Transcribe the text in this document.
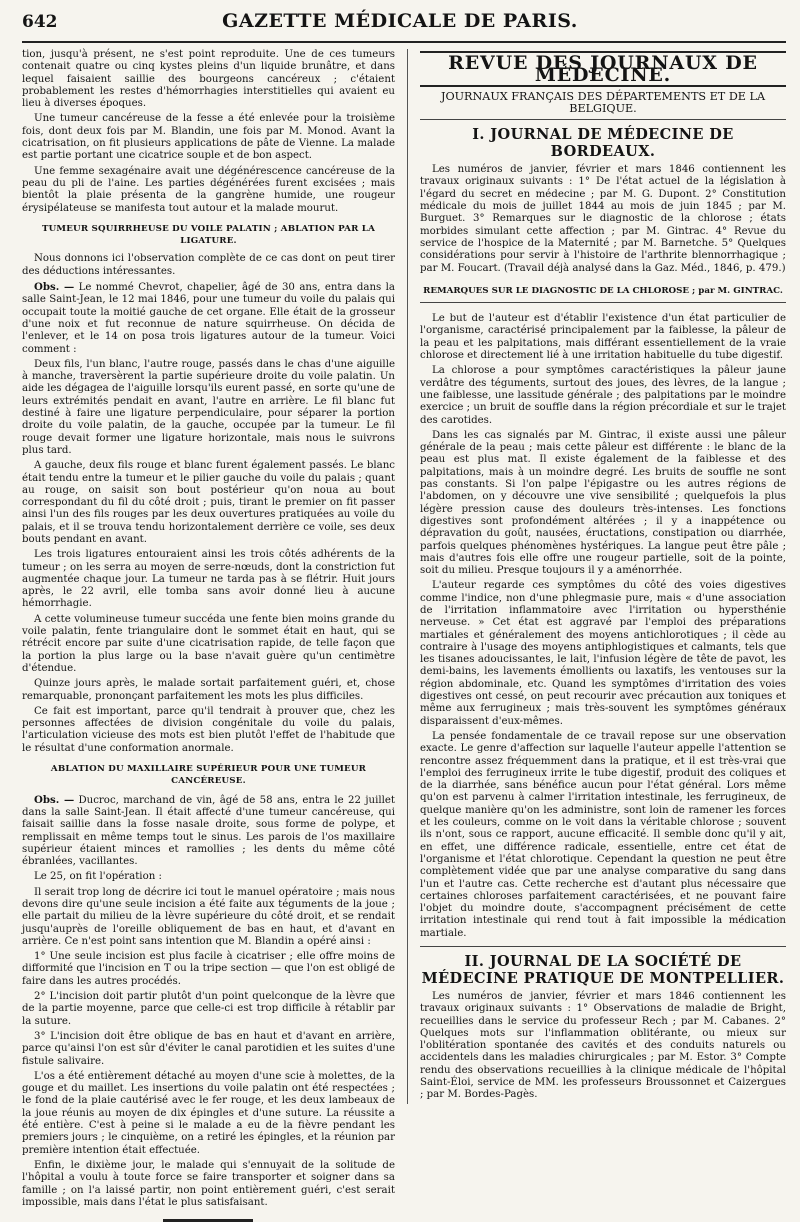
642	GAZETTE MÉDICALE DE PARIS.

tion, jusqu'à présent, ne s'est point reproduite. Une de ces tumeurs contenait quatre ou cinq kystes pleins d'un liquide brunâtre, et dans lequel faisaient saillie des bourgeons cancéreux ; c'étaient probablement les restes d'hémorrhagies interstitielles qui avaient eu lieu à diverses époques.

Une tumeur cancéreuse de la fesse a été enlevée pour la troisième fois, dont deux fois par M. Blandin, une fois par M. Monod. Avant la cicatrisation, on fit plusieurs applications de pâte de Vienne. La malade est partie portant une cicatrice souple et de bon aspect.

Une femme sexagénaire avait une dégénérescence cancéreuse de la peau du pli de l'aine. Les parties dégénérées furent excisées ; mais bientôt la plaie présenta de la gangrène humide, une rougeur érysipélateuse se manifesta tout autour et la malade mourut.

TUMEUR SQUIRRHEUSE DU VOILE PALATIN ; ABLATION PAR LA LIGATURE.

Nous donnons ici l'observation complète de ce cas dont on peut tirer des déductions intéressantes.

Obs. — Le nommé Chevrot, chapelier, âgé de 30 ans, entra dans la salle Saint-Jean, le 12 mai 1846, pour une tumeur du voile du palais qui occupait toute la moitié gauche de cet organe. Elle était de la grosseur d'une noix et fut reconnue de nature squirrheuse. On décida de l'enlever, et le 14 on posa trois ligatures autour de la tumeur. Voici comment :

Deux fils, l'un blanc, l'autre rouge, passés dans le chas d'une aiguille à manche, traversèrent la partie supérieure droite du voile palatin. Un aide les dégagea de l'aiguille lorsqu'ils eurent passé, en sorte qu'une de leurs extrémités pendait en avant, l'autre en arrière. Le fil blanc fut destiné à faire une ligature perpendiculaire, pour séparer la portion droite du voile palatin, de la gauche, occupée par la tumeur. Le fil rouge devait former une ligature horizontale, mais nous le suivrons plus tard.

A gauche, deux fils rouge et blanc furent également passés. Le blanc était tendu entre la tumeur et le pilier gauche du voile du palais ; quant au rouge, on saisit son bout postérieur qu'on noua au bout correspondant du fil du côté droit ; puis, tirant le premier on fit passer ainsi l'un des fils rouges par les deux ouvertures pratiquées au voile du palais, et il se trouva tendu horizontalement derrière ce voile, ses deux bouts pendant en avant.

Les trois ligatures entouraient ainsi les trois côtés adhérents de la tumeur ; on les serra au moyen de serre-nœuds, dont la constriction fut augmentée chaque jour. La tumeur ne tarda pas à se flétrir. Huit jours après, le 22 avril, elle tomba sans avoir donné lieu à aucune hémorrhagie.

A cette volumineuse tumeur succéda une fente bien moins grande du voile palatin, fente triangulaire dont le sommet était en haut, qui se rétrécit encore par suite d'une cicatrisation rapide, de telle façon que la portion la plus large ou la base n'avait guère qu'un centimètre d'étendue.

Quinze jours après, le malade sortait parfaitement guéri, et, chose remarquable, prononçant parfaitement les mots les plus difficiles.

Ce fait est important, parce qu'il tendrait à prouver que, chez les personnes affectées de division congénitale du voile du palais, l'articulation vicieuse des mots est bien plutôt l'effet de l'habitude que le résultat d'une conformation anormale.

ABLATION DU MAXILLAIRE SUPÉRIEUR POUR UNE TUMEUR CANCÉREUSE.

Obs. — Ducroc, marchand de vin, âgé de 58 ans, entra le 22 juillet dans la salle Saint-Jean. Il était affecté d'une tumeur cancéreuse, qui faisait saillie dans la fosse nasale droite, sous forme de polype, et remplissait en même temps tout le sinus. Les parois de l'os maxillaire supérieur étaient minces et ramollies ; les dents du même côté ébranlées, vacillantes.

Le 25, on fit l'opération :

Il serait trop long de décrire ici tout le manuel opératoire ; mais nous devons dire qu'une seule incision a été faite aux téguments de la joue ; elle partait du milieu de la lèvre supérieure du côté droit, et se rendait jusqu'auprès de l'oreille obliquement de bas en haut, et d'avant en arrière. Ce n'est point sans intention que M. Blandin a opéré ainsi :

1° Une seule incision est plus facile à cicatriser ; elle offre moins de difformité que l'incision en T ou la tripe section — que l'on est obligé de faire dans les autres procédés.

2° L'incision doit partir plutôt d'un point quelconque de la lèvre que de la partie moyenne, parce que celle-ci est trop difficile à rétablir par la suture.

3° L'incision doit être oblique de bas en haut et d'avant en arrière, parce qu'ainsi l'on est sûr d'éviter le canal parotidien et les suites d'une fistule salivaire.

L'os a été entièrement détaché au moyen d'une scie à molettes, de la gouge et du maillet. Les insertions du voile palatin ont été respectées ; le fond de la plaie cautérisé avec le fer rouge, et les deux lambeaux de la joue réunis au moyen de dix épingles et d'une suture. La réussite a été entière. C'est à peine si le malade a eu de la fièvre pendant les premiers jours ; le cinquième, on a retiré les épingles, et la réunion par première intention était effectuée.

Enfin, le dixième jour, le malade qui s'ennuyait de la solitude de l'hôpital a voulu à toute force se faire transporter et soigner dans sa famille ; on l'a laissé partir, non point entièrement guéri, c'est serait impossible, mais dans l'état le plus satisfaisant.

REVUE DES JOURNAUX DE MÉDECINE.
JOURNAUX FRANÇAIS DES DÉPARTEMENTS ET DE LA BELGIQUE.
I. JOURNAL DE MÉDECINE DE BORDEAUX.

Les numéros de janvier, février et mars 1846 contiennent les travaux originaux suivants : 1° De l'état actuel de la législation à l'égard du secret en médecine ; par M. G. Dupont. 2° Constitution médicale du mois de juillet 1844 au mois de juin 1845 ; par M. Burguet. 3° Remarques sur le diagnostic de la chlorose ; états morbides simulant cette affection ; par M. Gintrac. 4° Revue du service de l'hospice de la Maternité ; par M. Barnetche. 5° Quelques considérations pour servir à l'histoire de l'arthrite blennorrhagique ; par M. Foucart. (Travail déjà analysé dans la Gaz. Méd., 1846, p. 479.)

REMARQUES SUR LE DIAGNOSTIC DE LA CHLOROSE ; par M. GINTRAC.

Le but de l'auteur est d'établir l'existence d'un état particulier de l'organisme, caractérisé principalement par la faiblesse, la pâleur de la peau et les palpitations, mais différant essentiellement de la vraie chlorose et directement lié à une irritation habituelle du tube digestif.

La chlorose a pour symptômes caractéristiques la pâleur jaune verdâtre des téguments, surtout des joues, des lèvres, de la langue ; une faiblesse, une lassitude générale ; des palpitations par le moindre exercice ; un bruit de souffle dans la région précordiale et sur le trajet des carotides.

Dans les cas signalés par M. Gintrac, il existe aussi une pâleur générale de la peau ; mais cette pâleur est différente : le blanc de la peau est plus mat. Il existe également de la faiblesse et des palpitations, mais à un moindre degré. Les bruits de souffle ne sont pas constants. Si l'on palpe l'épigastre ou les autres régions de l'abdomen, on y découvre une vive sensibilité ; quelquefois la plus légère pression cause des douleurs très-intenses. Les fonctions digestives sont profondément altérées ; il y a inappétence ou dépravation du goût, nausées, éructations, constipation ou diarrhée, parfois quelques phénomènes hystériques. La langue peut être pâle ; mais d'autres fois elle offre une rougeur partielle, soit de la pointe, soit du milieu. Presque toujours il y a aménorrhée.

L'auteur regarde ces symptômes du côté des voies digestives comme l'indice, non d'une phlegmasie pure, mais « d'une association de l'irritation inflammatoire avec l'irritation ou hypersthénie nerveuse. » Cet état est aggravé par l'emploi des préparations martiales et généralement des moyens antichlorotiques ; il cède au contraire à l'usage des moyens antiphlogistiques et calmants, tels que les tisanes adoucissantes, le lait, l'infusion légère de tête de pavot, les demi-bains, les lavements émollients ou laxatifs, les ventouses sur la région abdominale, etc. Quand les symptômes d'irritation des voies digestives ont cessé, on peut recourir avec précaution aux toniques et même aux ferrugineux ; mais très-souvent les symptômes généraux disparaissent d'eux-mêmes.

La pensée fondamentale de ce travail repose sur une observation exacte. Le genre d'affection sur laquelle l'auteur appelle l'attention se rencontre assez fréquemment dans la pratique, et il est très-vrai que l'emploi des ferrugineux irrite le tube digestif, produit des coliques et de la diarrhée, sans bénéfice aucun pour l'état général. Lors même qu'on est parvenu à calmer l'irritation intestinale, les ferrugineux, de quelque manière qu'on les administre, sont loin de ramener les forces et les couleurs, comme on le voit dans la véritable chlorose ; souvent ils n'ont, sous ce rapport, aucune efficacité. Il semble donc qu'il y ait, en effet, une différence radicale, essentielle, entre cet état de l'organisme et l'état chlorotique. Cependant la question ne peut être complètement vidée que par une analyse comparative du sang dans l'un et l'autre cas. Cette recherche est d'autant plus nécessaire que certaines chloroses parfaitement caractérisées, et ne pouvant faire l'objet du moindre doute, s'accompagnent précisément de cette irritation intestinale qui rend tout à fait impossible la médication martiale.

II. JOURNAL DE LA SOCIÉTÉ DE MÉDECINE PRATIQUE DE MONTPELLIER.

Les numéros de janvier, février et mars 1846 contiennent les travaux originaux suivants : 1° Observations de maladie de Bright, recueillies dans le service du professeur Rech ; par M. Cabanes. 2° Quelques mots sur l'inflammation oblitérante, ou mieux sur l'oblitération spontanée des cavités et des conduits naturels ou accidentels dans les maladies chirurgicales ; par M. Estor. 3° Compte rendu des observations recueillies à la clinique médicale de l'hôpital Saint-Éloi, service de MM. les professeurs Broussonnet et Caizergues ; par M. Bordes-Pagès.
